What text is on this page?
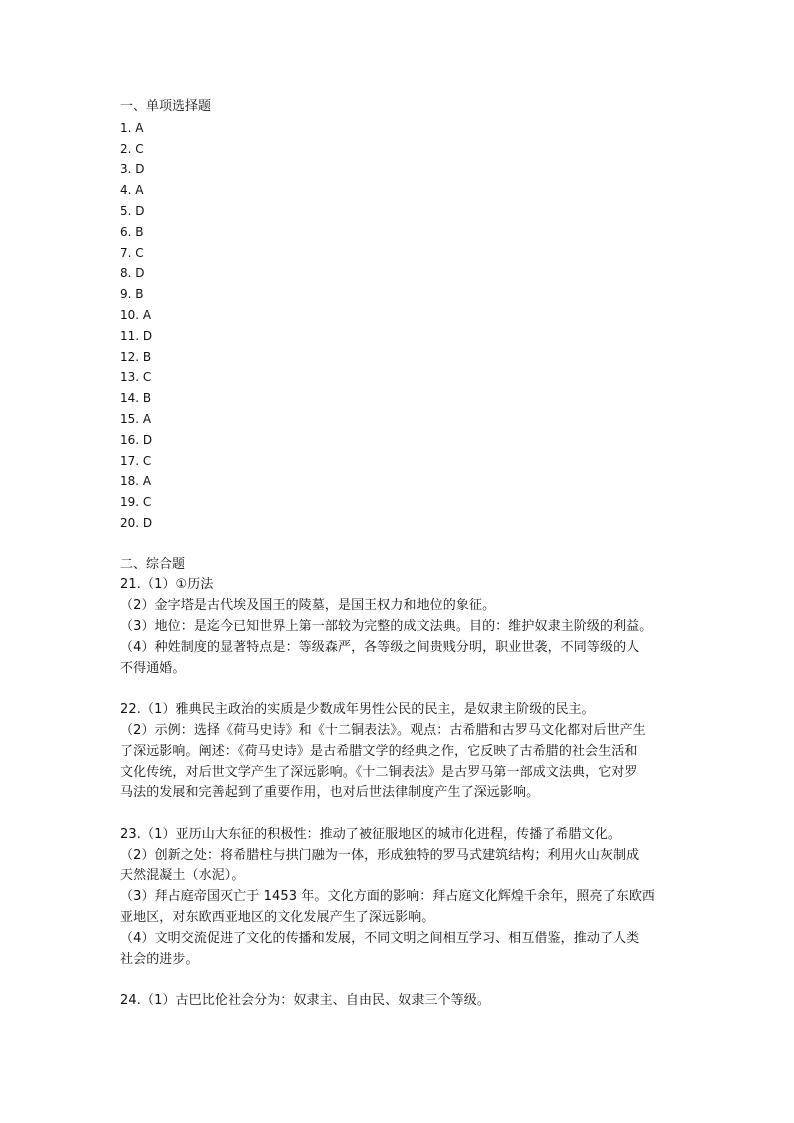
一、单项选择题
1. A
2. C
3. D
4. A
5. D
6. B
7. C
8. D
9. B
10. A
11. D
12. B
13. C
14. B
15. A
16. D
17. C
18. A
19. C
20. D
二、综合题
21.（1）①历法
（2）金字塔是古代埃及国王的陵墓，是国王权力和地位的象征。
（3）地位：是迄今已知世界上第一部较为完整的成文法典。目的：维护奴隶主阶级的利益。
（4）种姓制度的显著特点是：等级森严，各等级之间贵贱分明，职业世袭，不同等级的人
不得通婚。
22.（1）雅典民主政治的实质是少数成年男性公民的民主，是奴隶主阶级的民主。
（2）示例：选择《荷马史诗》和《十二铜表法》。观点：古希腊和古罗马文化都对后世产生
了深远影响。阐述：《荷马史诗》是古希腊文学的经典之作，它反映了古希腊的社会生活和
文化传统，对后世文学产生了深远影响。《十二铜表法》是古罗马第一部成文法典，它对罗
马法的发展和完善起到了重要作用，也对后世法律制度产生了深远影响。
23.（1）亚历山大东征的积极性：推动了被征服地区的城市化进程，传播了希腊文化。
（2）创新之处：将希腊柱与拱门融为一体，形成独特的罗马式建筑结构；利用火山灰制成
天然混凝土（水泥）。
（3）拜占庭帝国灭亡于 1453 年。文化方面的影响：拜占庭文化辉煌千余年，照亮了东欧西
亚地区，对东欧西亚地区的文化发展产生了深远影响。
（4）文明交流促进了文化的传播和发展，不同文明之间相互学习、相互借鉴，推动了人类
社会的进步。
24.（1）古巴比伦社会分为：奴隶主、自由民、奴隶三个等级。
